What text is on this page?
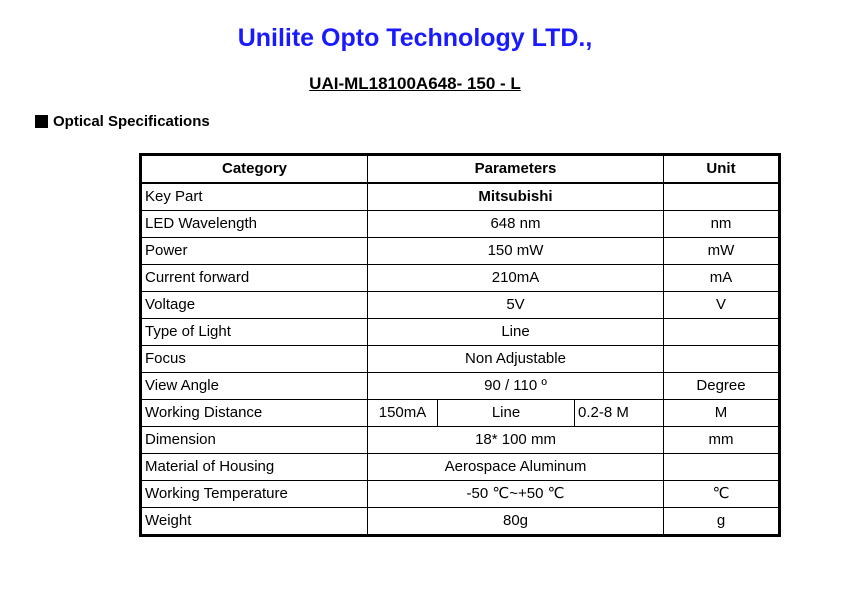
Unilite Opto Technology LTD.,
UAI-ML18100A648- 150 - L
Optical Specifications
Category	Parameters			Unit
Key Part	Mitsubishi			
LED Wavelength	648 nm			nm
Power	150 mW			mW
Current forward	210mA			mA
Voltage	5V			V
Type of Light	Line			
Focus	Non Adjustable			
View Angle	90 / 110 º			Degree
Working Distance	150mA	Line	0.2-8 M	M
Dimension	18* 100 mm			mm
Material of Housing	Aerospace Aluminum			
Working Temperature	-50 ℃~+50 ℃			℃
Weight	80g			g
